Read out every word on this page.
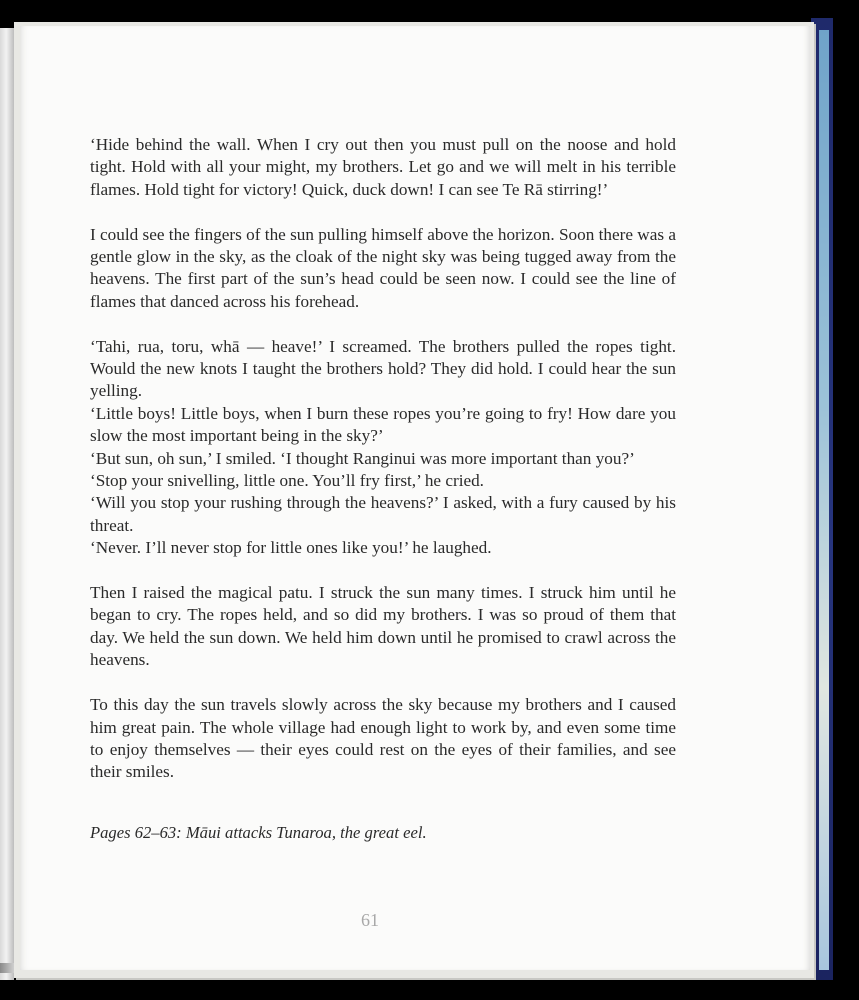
‘Hide behind the wall. When I cry out then you must pull on the noose and hold tight. Hold with all your might, my brothers. Let go and we will melt in his terrible flames. Hold tight for victory! Quick, duck down! I can see Te Rā stirring!’

I could see the fingers of the sun pulling himself above the horizon. Soon there was a gentle glow in the sky, as the cloak of the night sky was being tugged away from the heavens. The first part of the sun’s head could be seen now. I could see the line of flames that danced across his forehead.

‘Tahi, rua, toru, whā — heave!’ I screamed. The brothers pulled the ropes tight. Would the new knots I taught the brothers hold? They did hold. I could hear the sun yelling.
‘Little boys! Little boys, when I burn these ropes you’re going to fry! How dare you slow the most important being in the sky?’
‘But sun, oh sun,’ I smiled. ‘I thought Ranginui was more important than you?’
‘Stop your snivelling, little one. You’ll fry first,’ he cried.
‘Will you stop your rushing through the heavens?’ I asked, with a fury caused by his threat.
‘Never. I’ll never stop for little ones like you!’ he laughed.

Then I raised the magical patu. I struck the sun many times. I struck him until he began to cry. The ropes held, and so did my brothers. I was so proud of them that day. We held the sun down. We held him down until he promised to crawl across the heavens.

To this day the sun travels slowly across the sky because my brothers and I caused him great pain. The whole village had enough light to work by, and even some time to enjoy themselves — their eyes could rest on the eyes of their families, and see their smiles.

Pages 62–63: Māui attacks Tunaroa, the great eel.
61
